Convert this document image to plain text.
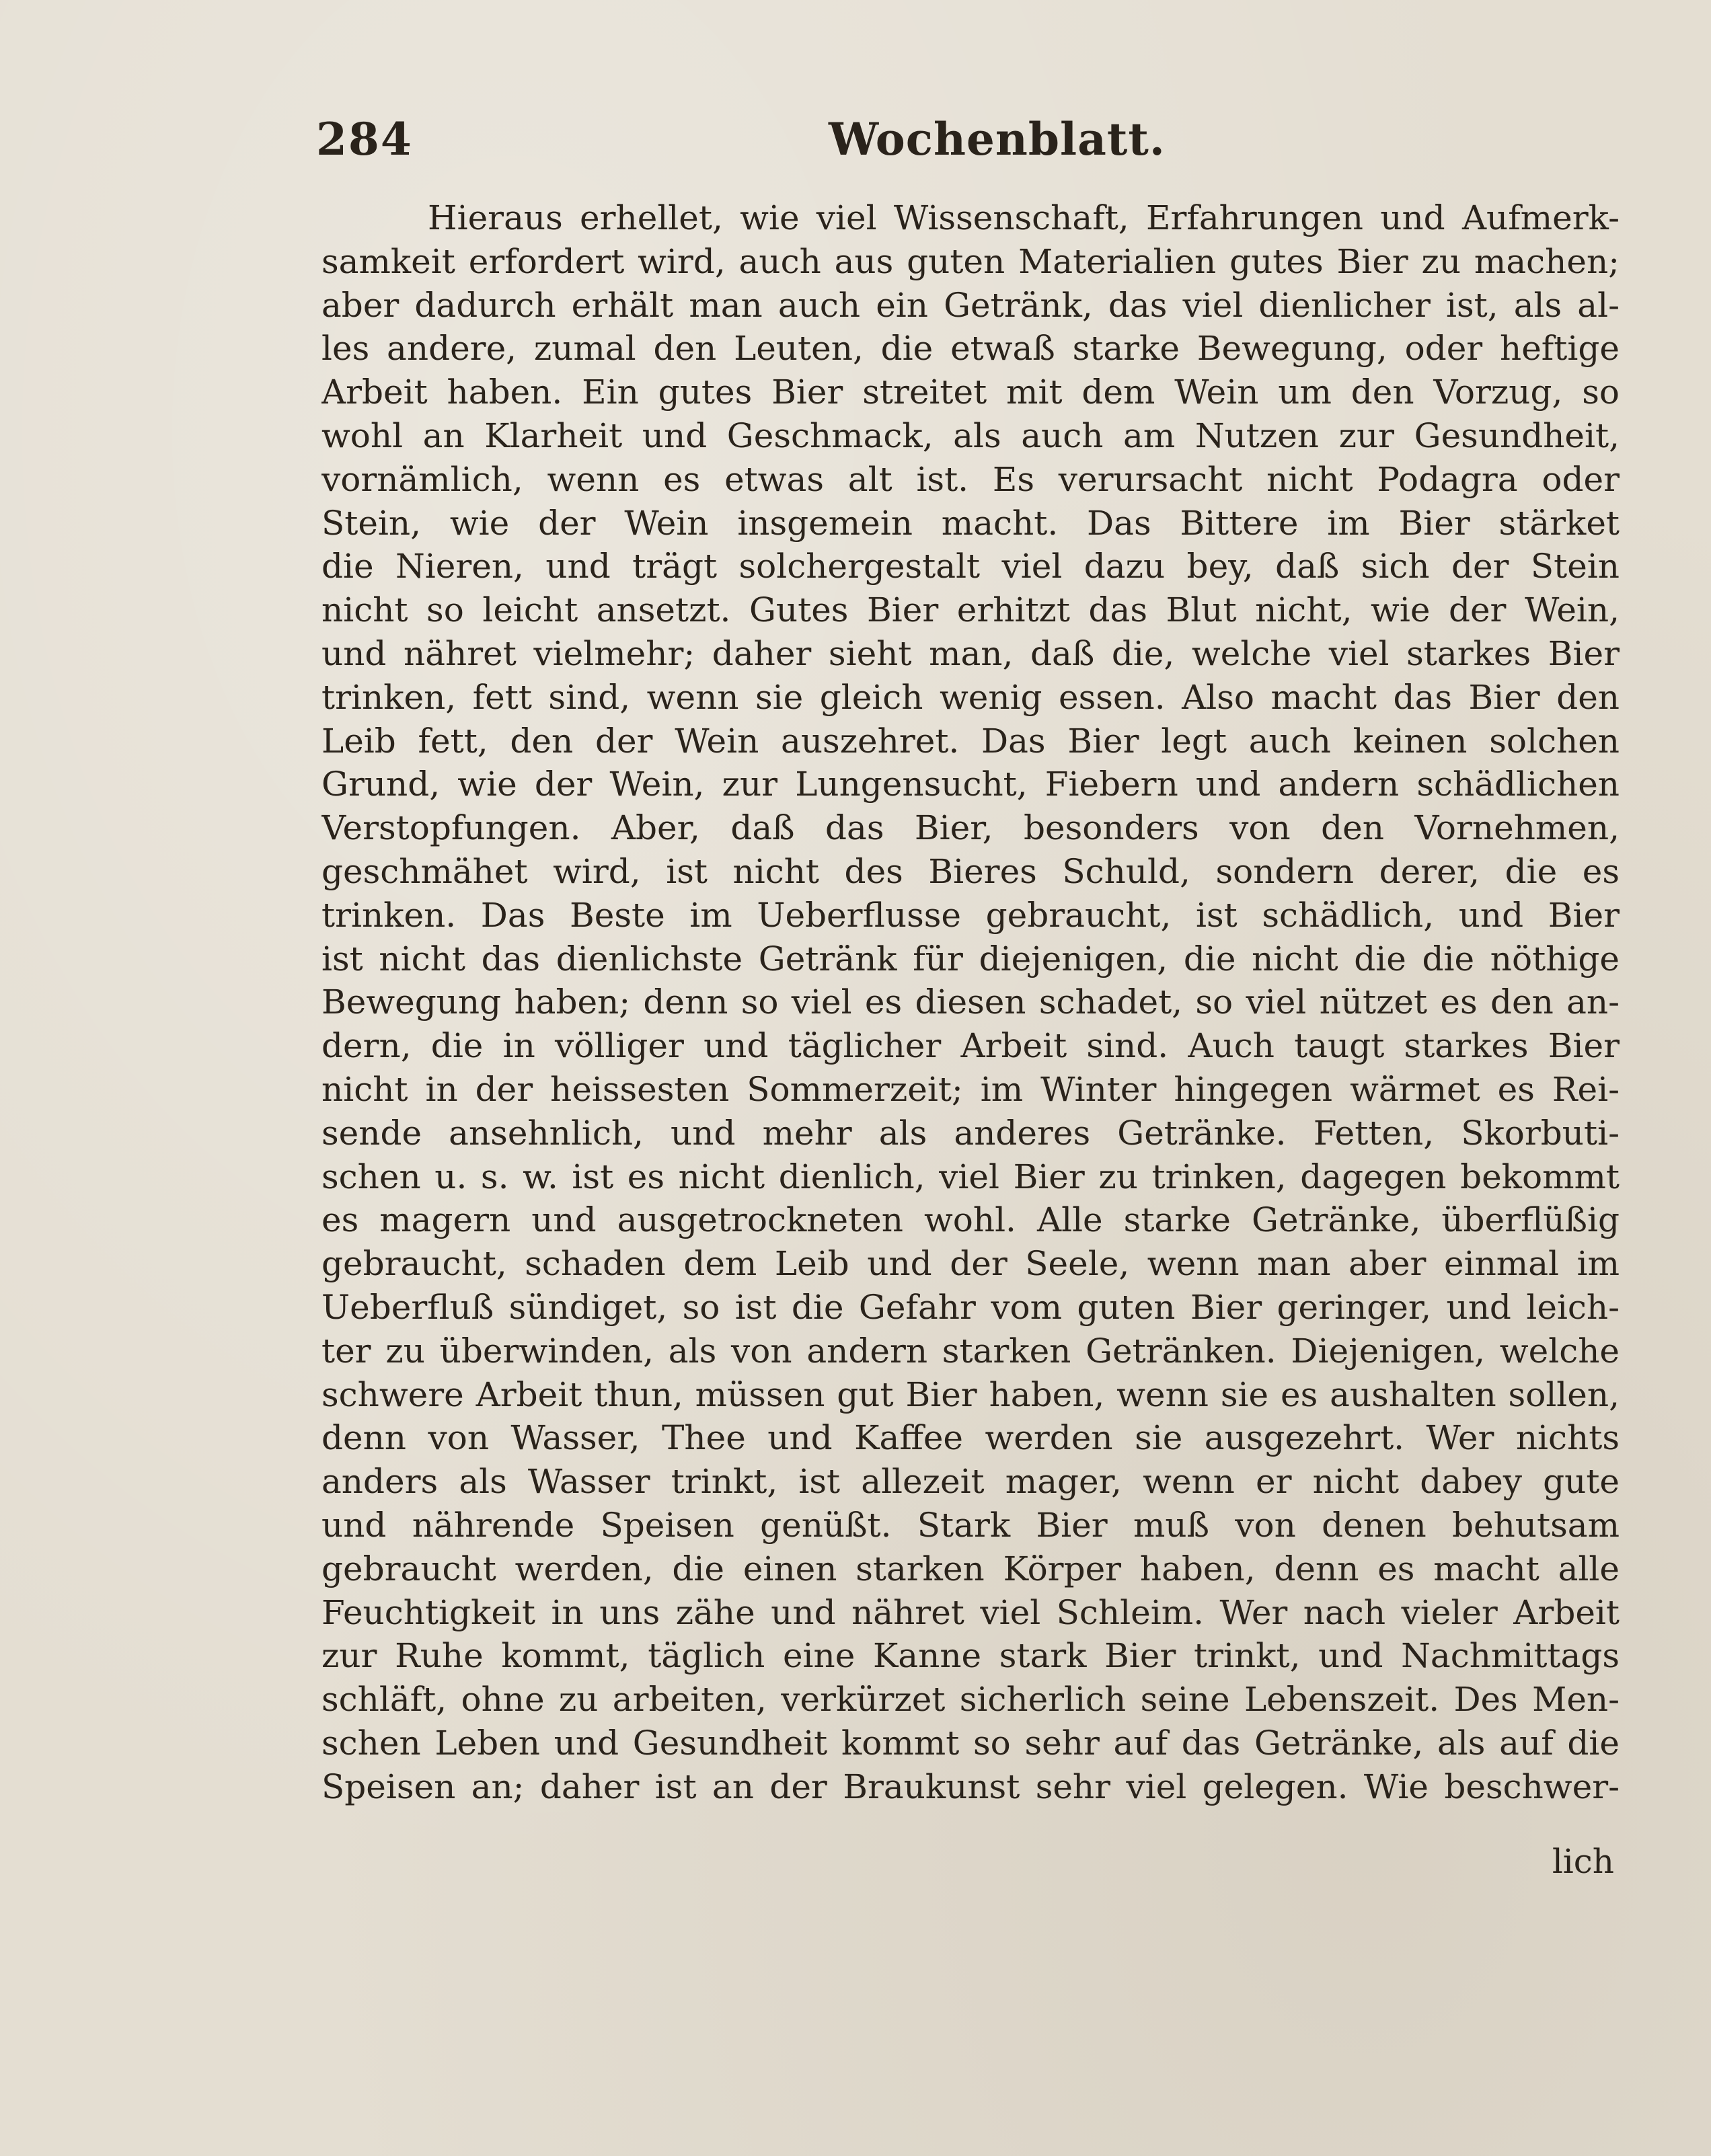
284	Wochenblatt.
Hieraus erhellet, wie viel Wissenschaft, Erfahrungen und Aufmerk-
samkeit erfordert wird, auch aus guten Materialien gutes Bier zu machen;
aber dadurch erhält man auch ein Getränk, das viel dienlicher ist, als al-
les andere, zumal den Leuten, die etwaß starke Bewegung, oder heftige
Arbeit haben. Ein gutes Bier streitet mit dem Wein um den Vorzug, so
wohl an Klarheit und Geschmack, als auch am Nutzen zur Gesundheit,
vornämlich, wenn es etwas alt ist. Es verursacht nicht Podagra oder
Stein, wie der Wein insgemein macht. Das Bittere im Bier stärket
die Nieren, und trägt solchergestalt viel dazu bey, daß sich der Stein
nicht so leicht ansetzt. Gutes Bier erhitzt das Blut nicht, wie der Wein,
und nähret vielmehr; daher sieht man, daß die, welche viel starkes Bier
trinken, fett sind, wenn sie gleich wenig essen. Also macht das Bier den
Leib fett, den der Wein auszehret. Das Bier legt auch keinen solchen
Grund, wie der Wein, zur Lungensucht, Fiebern und andern schädlichen
Verstopfungen. Aber, daß das Bier, besonders von den Vornehmen,
geschmähet wird, ist nicht des Bieres Schuld, sondern derer, die es
trinken. Das Beste im Ueberflusse gebraucht, ist schädlich, und Bier
ist nicht das dienlichste Getränk für diejenigen, die nicht die die nöthige
Bewegung haben; denn so viel es diesen schadet, so viel nützet es den an-
dern, die in völliger und täglicher Arbeit sind. Auch taugt starkes Bier
nicht in der heissesten Sommerzeit; im Winter hingegen wärmet es Rei-
sende ansehnlich, und mehr als anderes Getränke. Fetten, Skorbuti-
schen u. s. w. ist es nicht dienlich, viel Bier zu trinken, dagegen bekommt
es magern und ausgetrockneten wohl. Alle starke Getränke, überflüßig
gebraucht, schaden dem Leib und der Seele, wenn man aber einmal im
Ueberfluß sündiget, so ist die Gefahr vom guten Bier geringer, und leich-
ter zu überwinden, als von andern starken Getränken. Diejenigen, welche
schwere Arbeit thun, müssen gut Bier haben, wenn sie es aushalten sollen,
denn von Wasser, Thee und Kaffee werden sie ausgezehrt. Wer nichts
anders als Wasser trinkt, ist allezeit mager, wenn er nicht dabey gute
und nährende Speisen genüßt. Stark Bier muß von denen behutsam
gebraucht werden, die einen starken Körper haben, denn es macht alle
Feuchtigkeit in uns zähe und nähret viel Schleim. Wer nach vieler Arbeit
zur Ruhe kommt, täglich eine Kanne stark Bier trinkt, und Nachmittags
schläft, ohne zu arbeiten, verkürzet sicherlich seine Lebenszeit. Des Men-
schen Leben und Gesundheit kommt so sehr auf das Getränke, als auf die
Speisen an; daher ist an der Braukunst sehr viel gelegen. Wie beschwer-
lich
